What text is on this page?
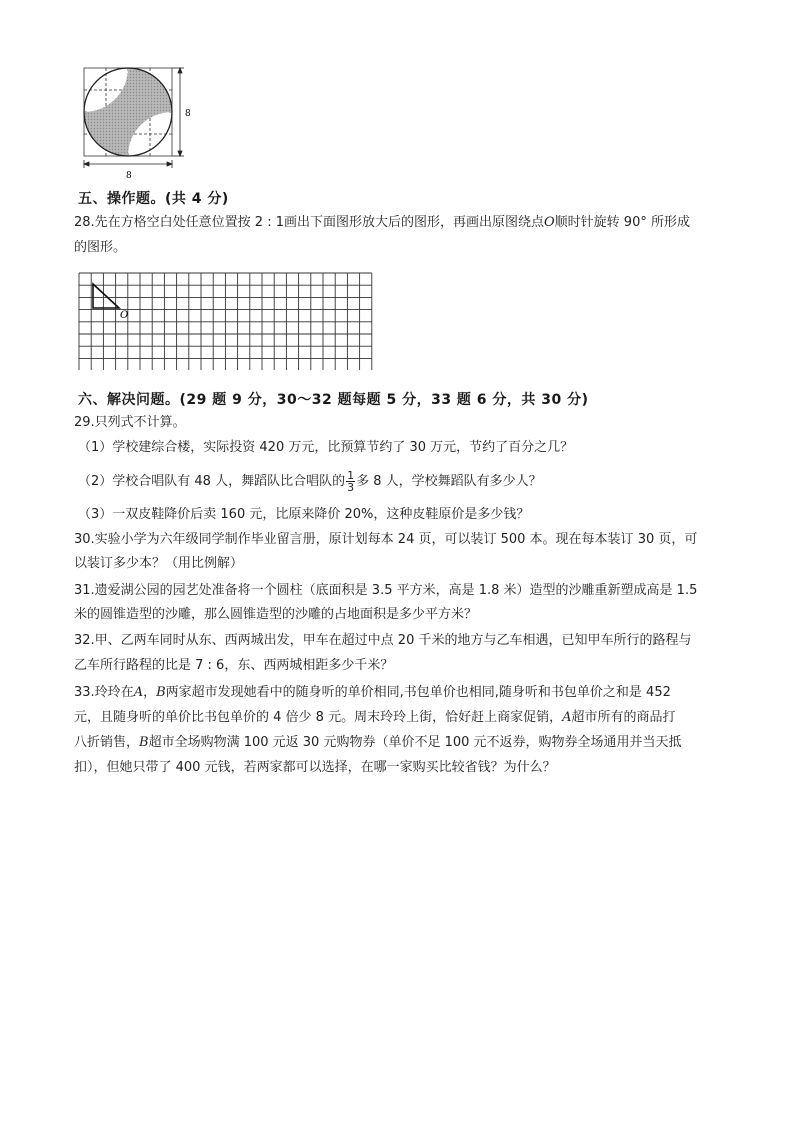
8
8
五、操作题。(共 4 分)
28.先在方格空白处任意位置按 2 : 1画出下面图形放大后的图形，再画出原图绕点O顺时针旋转 90° 所形成
的图形。
O
六、解决问题。(29 题 9 分，30～32 题每题 5 分，33 题 6 分，共 30 分)
29.只列式不计算。
（1）学校建综合楼，实际投资 420 万元，比预算节约了 30 万元，节约了百分之几？
（2）学校合唱队有 48 人，舞蹈队比合唱队的 $\frac{1}{3}$ 多 8 人，学校舞蹈队有多少人？
（3）一双皮鞋降价后卖 160 元，比原来降价 20%，这种皮鞋原价是多少钱？
30.实验小学为六年级同学制作毕业留言册，原计划每本 24 页，可以装订 500 本。现在每本装订 30 页，可
以装订多少本？（用比例解）
31.遗爱湖公园的园艺处准备将一个圆柱（底面积是 3.5 平方米，高是 1.8 米）造型的沙雕重新塑成高是 1.5
米的圆锥造型的沙雕，那么圆锥造型的沙雕的占地面积是多少平方米？
32.甲、乙两车同时从东、西两城出发，甲车在超过中点 20 千米的地方与乙车相遇，已知甲车所行的路程与
乙车所行路程的比是 7 : 6，东、西两城相距多少千米？
33.玲玲在A，B两家超市发现她看中的随身听的单价相同,书包单价也相同,随身听和书包单价之和是 452
元，且随身听的单价比书包单价的 4 倍少 8 元。周末玲玲上街，恰好赶上商家促销，A超市所有的商品打
八折销售，B超市全场购物满 100 元返 30 元购物券（单价不足 100 元不返券，购物券全场通用并当天抵
扣），但她只带了 400 元钱，若两家都可以选择，在哪一家购买比较省钱？为什么？
